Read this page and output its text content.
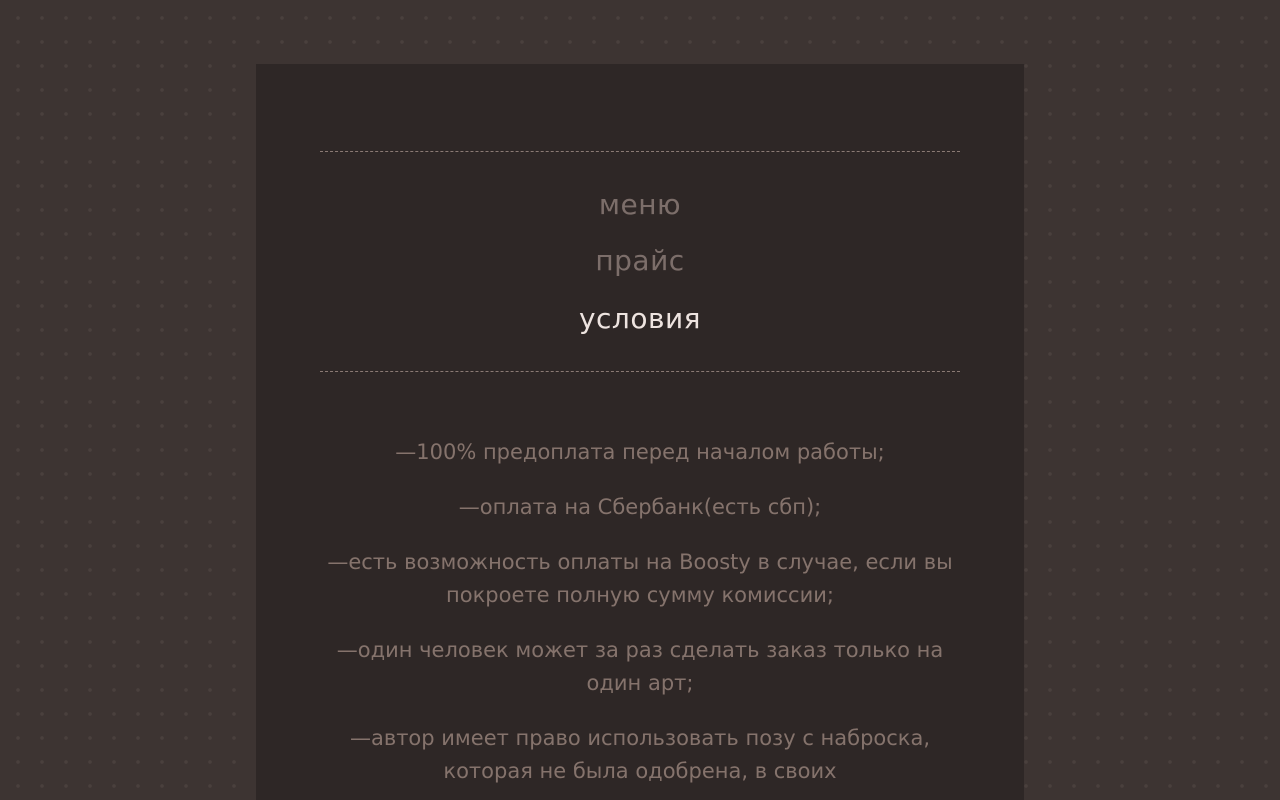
меню
прайс
условия

—100% предоплата перед началом работы;

—оплата на Сбербанк(есть сбп);

—есть возможность оплаты на Boosty в случае, если вы покроете полную сумму комиссии;

—один человек может за раз сделать заказ только на один арт;

—автор имеет право использовать позу с наброска, которая не была одобрена, в своих
